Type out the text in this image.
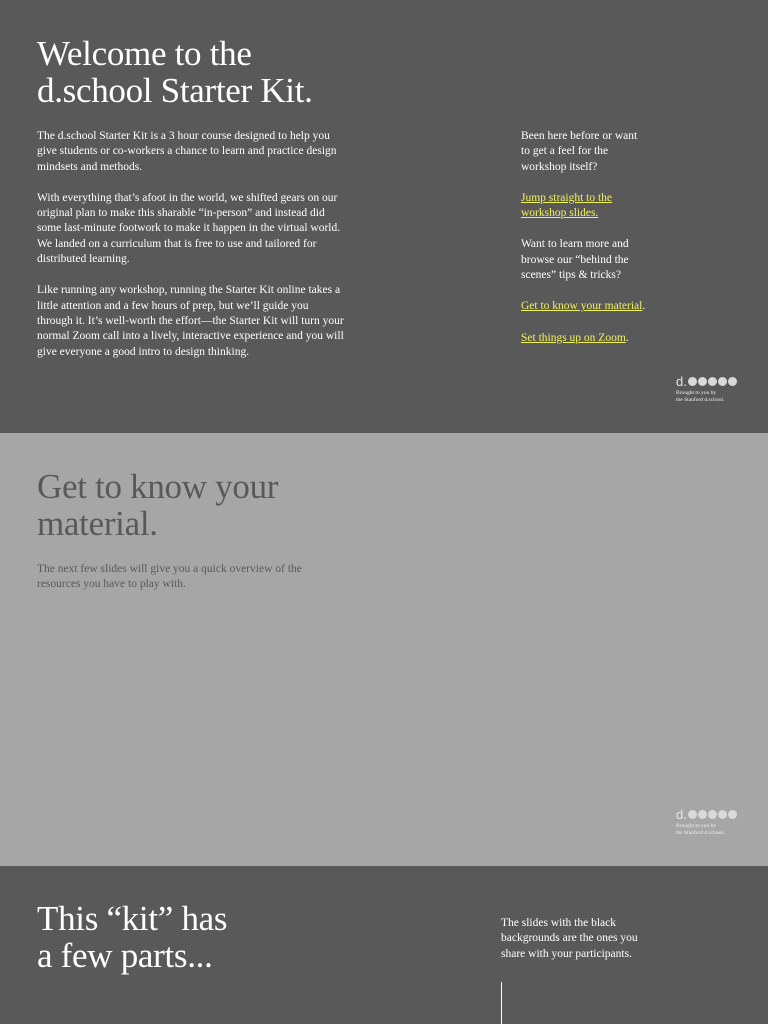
Welcome to the
d.school Starter Kit.

The d.school Starter Kit is a 3 hour course designed to help you
give students or co-workers a chance to learn and practice design
mindsets and methods.

With everything that’s afoot in the world, we shifted gears on our
original plan to make this sharable “in-person” and instead did
some last-minute footwork to make it happen in the virtual world.
We landed on a curriculum that is free to use and tailored for
distributed learning.

Like running any workshop, running the Starter Kit online takes a
little attention and a few hours of prep, but we’ll guide you
through it. It’s well-worth the effort—the Starter Kit will turn your
normal Zoom call into a lively, interactive experience and you will
give everyone a good intro to design thinking.

Been here before or want
to get a feel for the
workshop itself?

Jump straight to the
workshop slides.

Want to learn more and
browse our “behind the
scenes” tips & tricks?

Get to know your material.

Set things up on Zoom.

d.
Brought to you by
the Stanford d.school.
Get to know your
material.

The next few slides will give you a quick overview of the
resources you have to play with.

d.
Brought to you by
the Stanford d.school.
This “kit” has
a few parts...

The slides with the black
backgrounds are the ones you
share with your participants.
